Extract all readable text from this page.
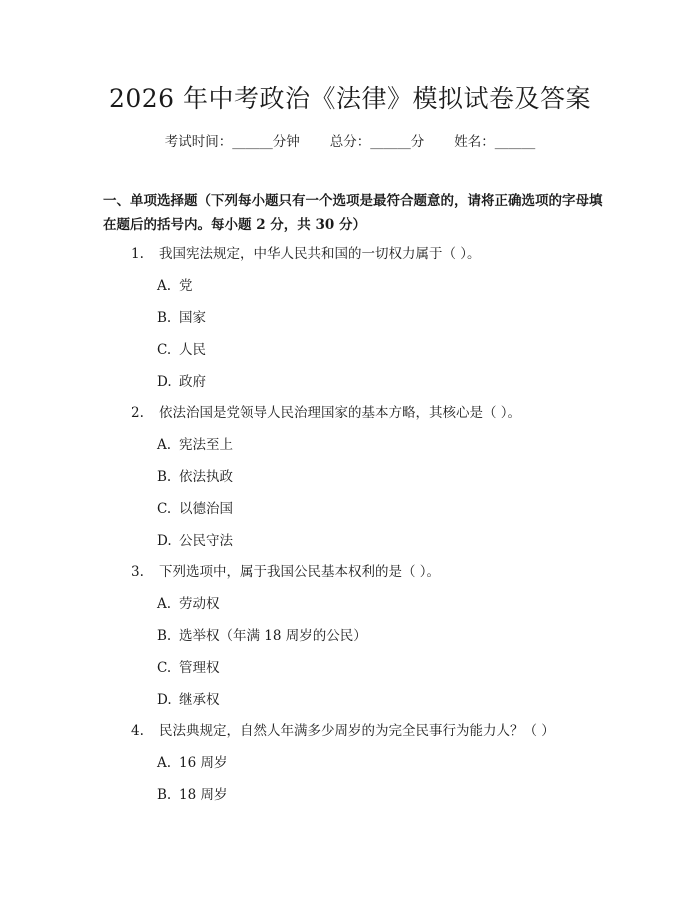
2026 年中考政治《法律》模拟试卷及答案
考试时间：______分钟 总分：______分 姓名：______
一、单项选择题（下列每小题只有一个选项是最符合题意的，请将正确选项的字母填在题后的括号内。每小题 2 分，共 30 分）
1. 我国宪法规定，中华人民共和国的一切权力属于（ ）。
A. 党
B. 国家
C. 人民
D. 政府
2. 依法治国是党领导人民治理国家的基本方略，其核心是（ ）。
A. 宪法至上
B. 依法执政
C. 以德治国
D. 公民守法
3. 下列选项中，属于我国公民基本权利的是（ ）。
A. 劳动权
B. 选举权（年满 18 周岁的公民）
C. 管理权
D. 继承权
4. 民法典规定，自然人年满多少周岁的为完全民事行为能力人？（ ）
A. 16 周岁
B. 18 周岁
